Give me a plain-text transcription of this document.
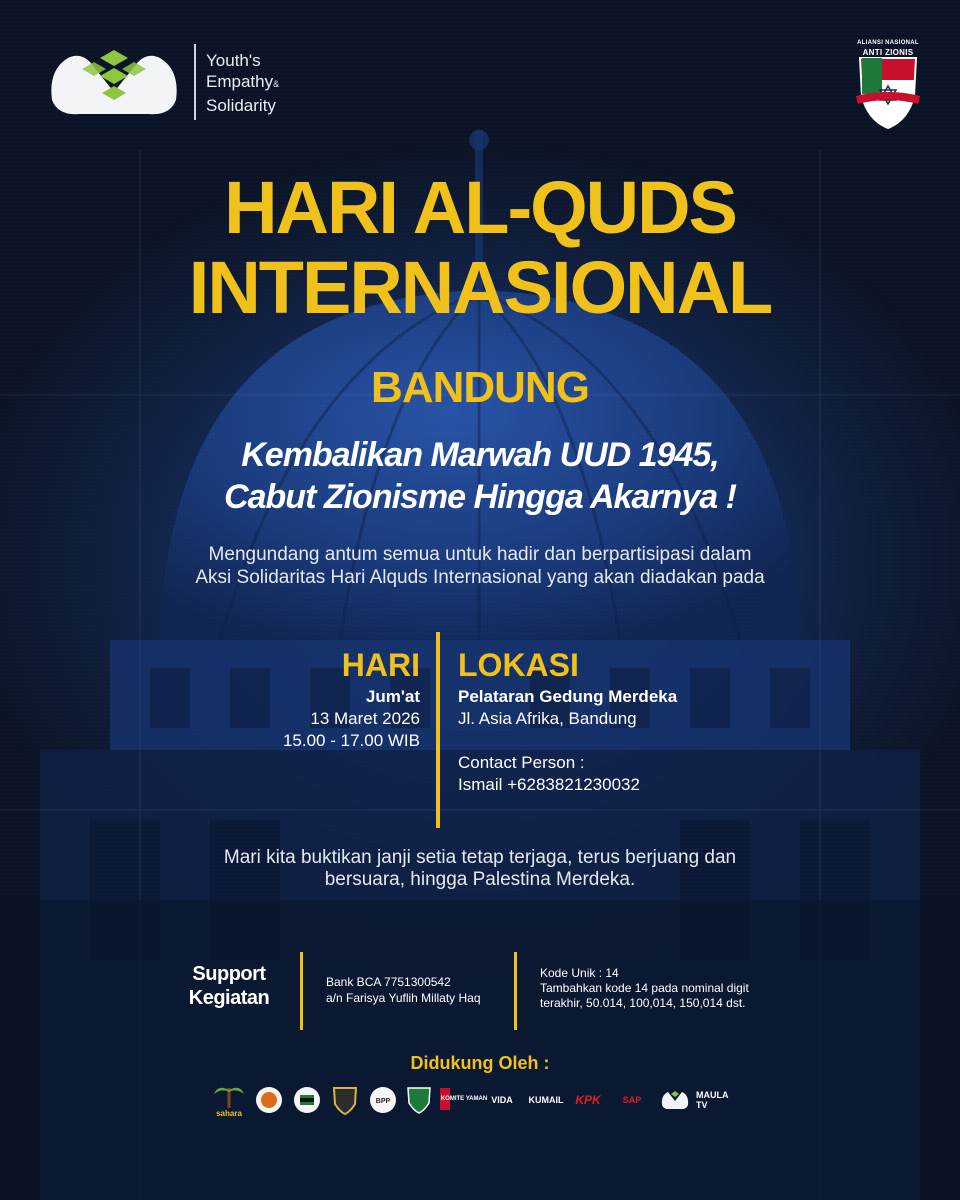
Youth's
Empathy&
Solidarity
ALIANSI NASIONAL
ANTI ZIONIS
HARI AL-QUDS
INTERNASIONAL
BANDUNG
Kembalikan Marwah UUD 1945,
Cabut Zionisme Hingga Akarnya !
Mengundang antum semua untuk hadir dan berpartisipasi dalam
Aksi Solidaritas Hari Alquds Internasional yang akan diadakan pada
HARI
Jum'at
13 Maret 2026
15.00 - 17.00 WIB
LOKASI
Pelataran Gedung Merdeka
Jl. Asia Afrika, Bandung
Contact Person :
Ismail +6283821230032
Mari kita buktikan janji setia tetap terjaga, terus berjuang dan
bersuara, hingga Palestina Merdeka.
Support
Kegiatan
Bank BCA 7751300542
a/n Farisya Yuflih Millaty Haq
Kode Unik : 14
Tambahkan kode 14 pada nominal digit
terakhir, 50.014, 100,014, 150,014 dst.
Didukung Oleh :
sahara
BPP	KOMITE YAMAN VIDA KUMAIL KPK SAP	MAULA TV
